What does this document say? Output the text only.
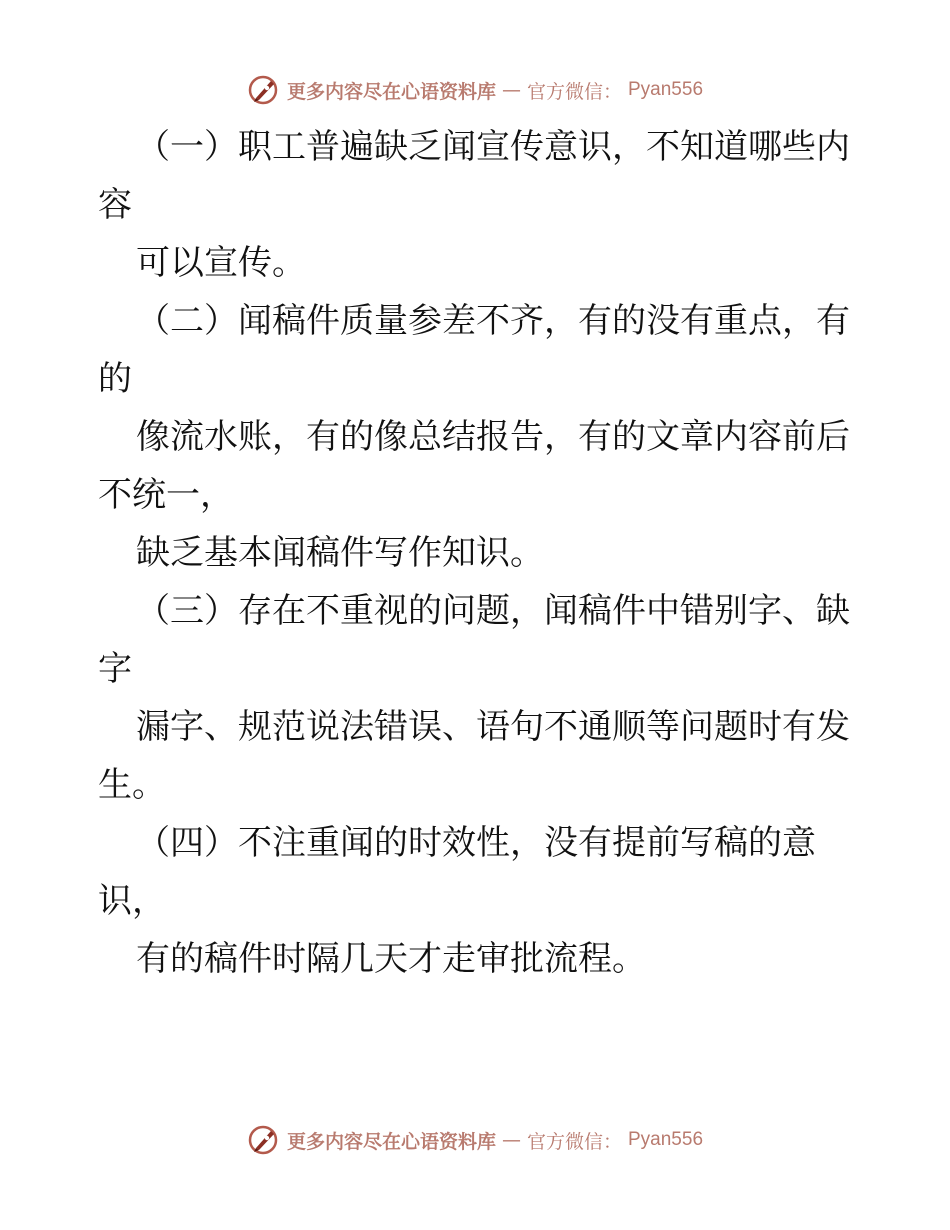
更多内容尽在心语资料库 — 官方微信： Pyan556
（一）职工普遍缺乏闻宣传意识，不知道哪些内
容
可以宣传。
（二）闻稿件质量参差不齐，有的没有重点，有
的
像流水账，有的像总结报告，有的文章内容前后
不统一，
缺乏基本闻稿件写作知识。
（三）存在不重视的问题，闻稿件中错别字、缺
字
漏字、规范说法错误、语句不通顺等问题时有发
生。
（四）不注重闻的时效性，没有提前写稿的意
识，
有的稿件时隔几天才走审批流程。
更多内容尽在心语资料库 — 官方微信： Pyan556
